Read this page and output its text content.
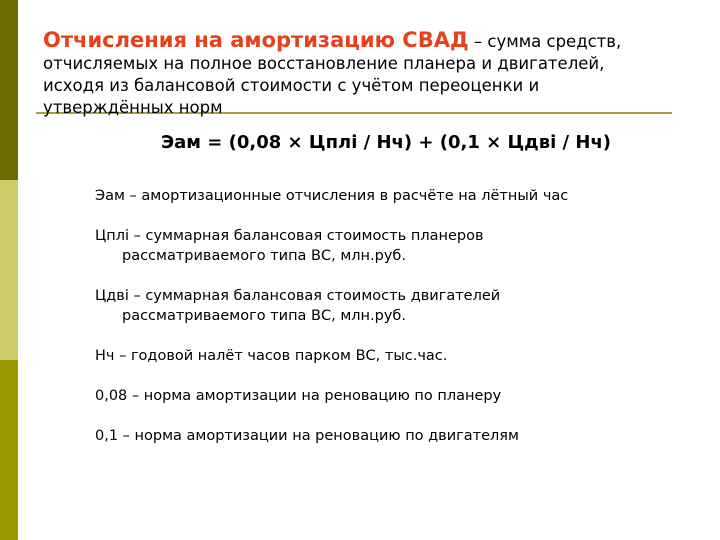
Отчисления на амортизацию СВАД – сумма средств,
отчисляемых на полное восстановление планера и двигателей,
исходя из балансовой стоимости с учётом переоценки и
утверждённых норм
Эам = (0,08 × Цплі / Нч) + (0,1 × Цдві / Нч)
Эам – амортизационные отчисления в расчёте на лётный час
Цплі – суммарная балансовая стоимость планеров
рассматриваемого типа ВС, млн.руб.
Цдві – суммарная балансовая стоимость двигателей
рассматриваемого типа ВС, млн.руб.
Нч – годовой налёт часов парком ВС, тыс.час.
0,08 – норма амортизации на реновацию по планеру
0,1 – норма амортизации на реновацию по двигателям
